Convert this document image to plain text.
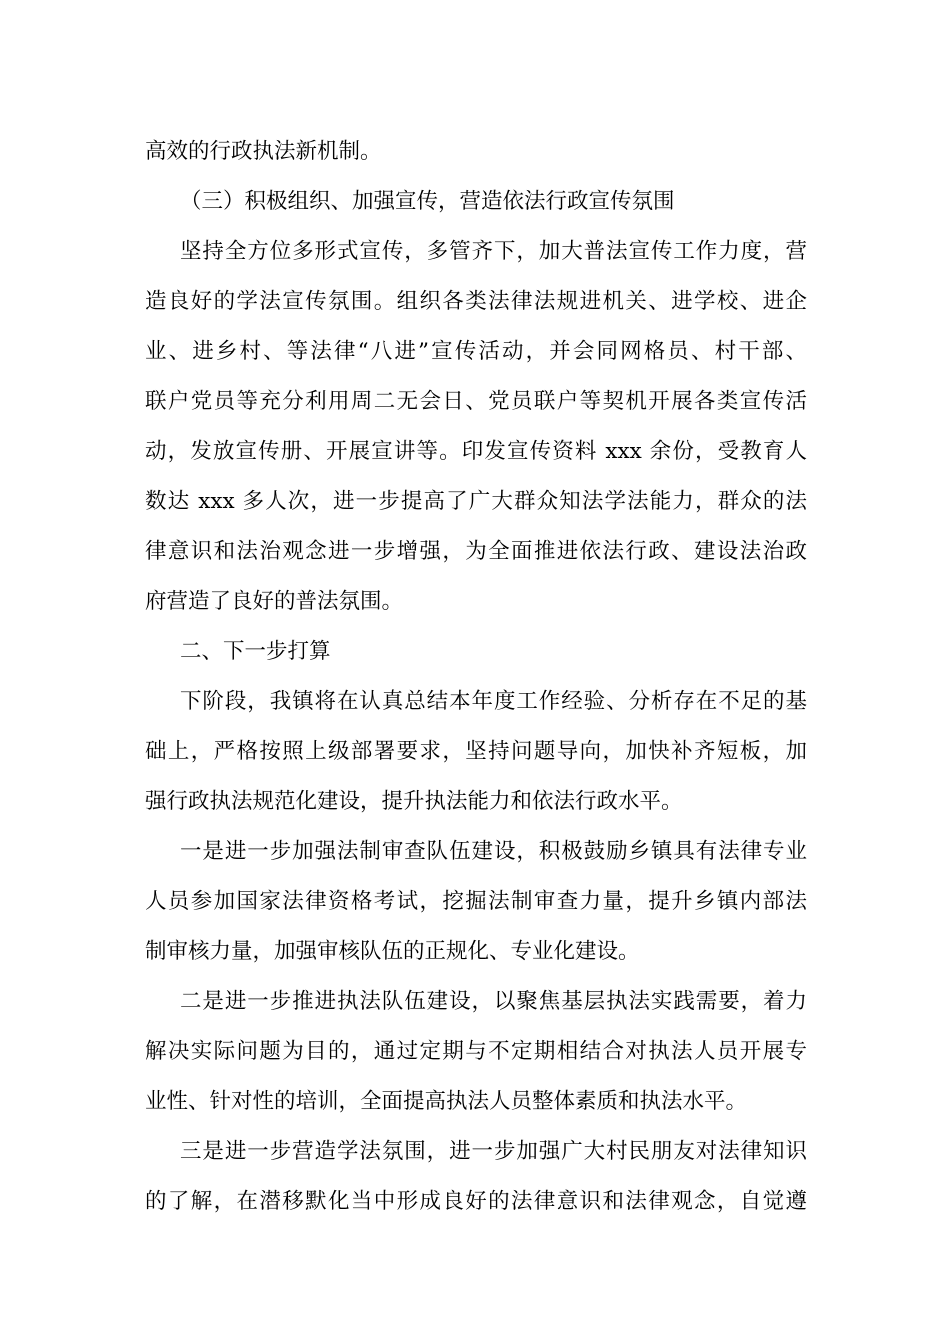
高效的行政执法新机制。
（三）积极组织、加强宣传，营造依法行政宣传氛围
坚持全方位多形式宣传，多管齐下，加大普法宣传工作力度，营
造良好的学法宣传氛围。组织各类法律法规进机关、进学校、进企
业、进乡村、等法律“八进”宣传活动，并会同网格员、村干部、
联户党员等充分利用周二无会日、党员联户等契机开展各类宣传活
动，发放宣传册、开展宣讲等。印发宣传资料 xxx 余份，受教育人
数达 xxx 多人次，进一步提高了广大群众知法学法能力，群众的法
律意识和法治观念进一步增强，为全面推进依法行政、建设法治政
府营造了良好的普法氛围。
二、下一步打算
下阶段，我镇将在认真总结本年度工作经验、分析存在不足的基
础上，严格按照上级部署要求，坚持问题导向，加快补齐短板，加
强行政执法规范化建设，提升执法能力和依法行政水平。
一是进一步加强法制审查队伍建设，积极鼓励乡镇具有法律专业
人员参加国家法律资格考试，挖掘法制审查力量，提升乡镇内部法
制审核力量，加强审核队伍的正规化、专业化建设。
二是进一步推进执法队伍建设，以聚焦基层执法实践需要，着力
解决实际问题为目的，通过定期与不定期相结合对执法人员开展专
业性、针对性的培训，全面提高执法人员整体素质和执法水平。
三是进一步营造学法氛围，进一步加强广大村民朋友对法律知识
的了解，在潜移默化当中形成良好的法律意识和法律观念，自觉遵
